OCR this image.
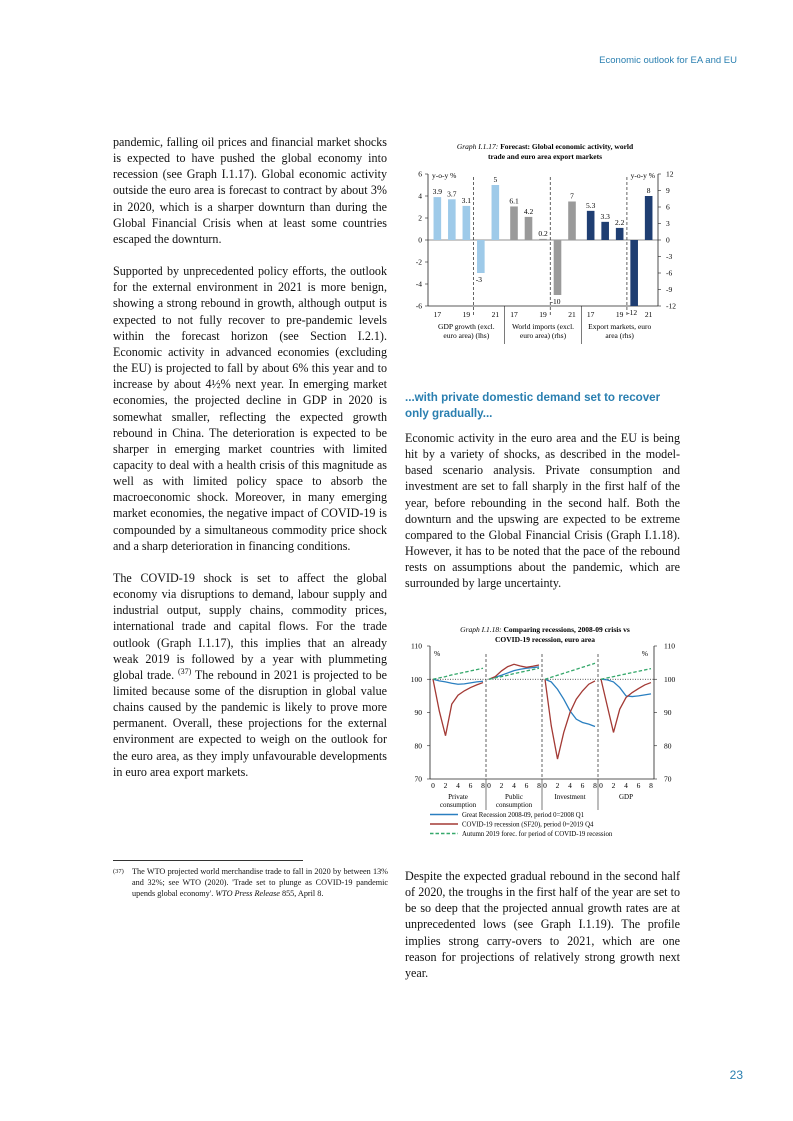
Economic outlook for EA and EU

pandemic, falling oil prices and financial market shocks is expected to have pushed the global economy into recession (see Graph I.1.17). Global economic activity outside the euro area is forecast to contract by about 3% in 2020, which is a sharper downturn than during the Global Financial Crisis when at least some countries escaped the downturn.

Supported by unprecedented policy efforts, the outlook for the external environment in 2021 is more benign, showing a strong rebound in growth, although output is expected to not fully recover to pre-pandemic levels within the forecast horizon (see Section I.2.1). Economic activity in advanced economies (excluding the EU) is projected to fall by about 6% this year and to increase by about 4½% next year. In emerging market economies, the projected decline in GDP in 2020 is somewhat smaller, reflecting the expected growth rebound in China. The deterioration is expected to be sharper in emerging market countries with limited capacity to deal with a health crisis of this magnitude as well as with limited policy space to absorb the macroeconomic shock. Moreover, in many emerging market economies, the negative impact of COVID-19 is compounded by a simultaneous commodity price shock and a sharp deterioration in financing conditions.

The COVID-19 shock is set to affect the global economy via disruptions to demand, labour supply and industrial output, supply chains, commodity prices, international trade and capital flows. For the trade outlook (Graph I.1.17), this implies that an already weak 2019 is followed by a year with plummeting global trade. $^{(37)}$ The rebound in 2021 is projected to be limited because some of the disruption in global value chains caused by the pandemic is likely to prove more permanent. Overall, these projections for the external environment are expected to weigh on the outlook for the euro area, as they imply unfavourable developments in euro area export markets.

(37) The WTO projected world merchandise trade to fall in 2020 by between 13% and 32%; see WTO (2020). 'Trade set to plunge as COVID-19 pandemic upends global economy'. WTO Press Release 855, April 8.
Graph I.1.17: Forecast: Global economic activity, world
trade and euro area export markets
6
4
2
0
-2
-4
-6
12
9
6
3
0
-3
-6
-9
-12
y-o-y %	y-o-y %
3.9 3.7
3.1
-3
5
17	19	21
GDP growth (excl.
euro area) (lhs)
6.1
4.2
0.2
-10
7
17	19	21
World imports (excl.
euro area) (rhs)
5.3
3.3
2.2
-12
8
17	19	21
Export markets, euro
area (rhs)
...with private domestic demand set to recover only gradually...

Economic activity in the euro area and the EU is being hit by a variety of shocks, as described in the model-based scenario analysis. Private consumption and investment are set to fall sharply in the first half of the year, before rebounding in the second half. Both the downturn and the upswing are expected to be extreme compared to the Global Financial Crisis (Graph I.1.18). However, it has to be noted that the pace of the rebound rests on assumptions about the pandemic, which are surrounded by large uncertainty.

Graph I.1.18: Comparing recessions, 2008-09 crisis vs
COVID-19 recession, euro area
110	110
100	100
90	90
80	80
70	70
%	%
0 2 4 6 8
Private
consumption
0 2 4 6 8
Public
consumption
0 2 4 6 8
Investment
0 2 4 6 8
GDP
Great Recession 2008-09, period 0=2008 Q1
COVID-19 recession (SF20), period 0=2019 Q4
Autumn 2019 forec. for period of COVID-19 recession

Despite the expected gradual rebound in the second half of 2020, the troughs in the first half of the year are set to be so deep that the projected annual growth rates are at unprecedented lows (see Graph I.1.19). The profile implies strong carry-overs to 2021, which are one reason for projections of relatively strong growth next year.

23
